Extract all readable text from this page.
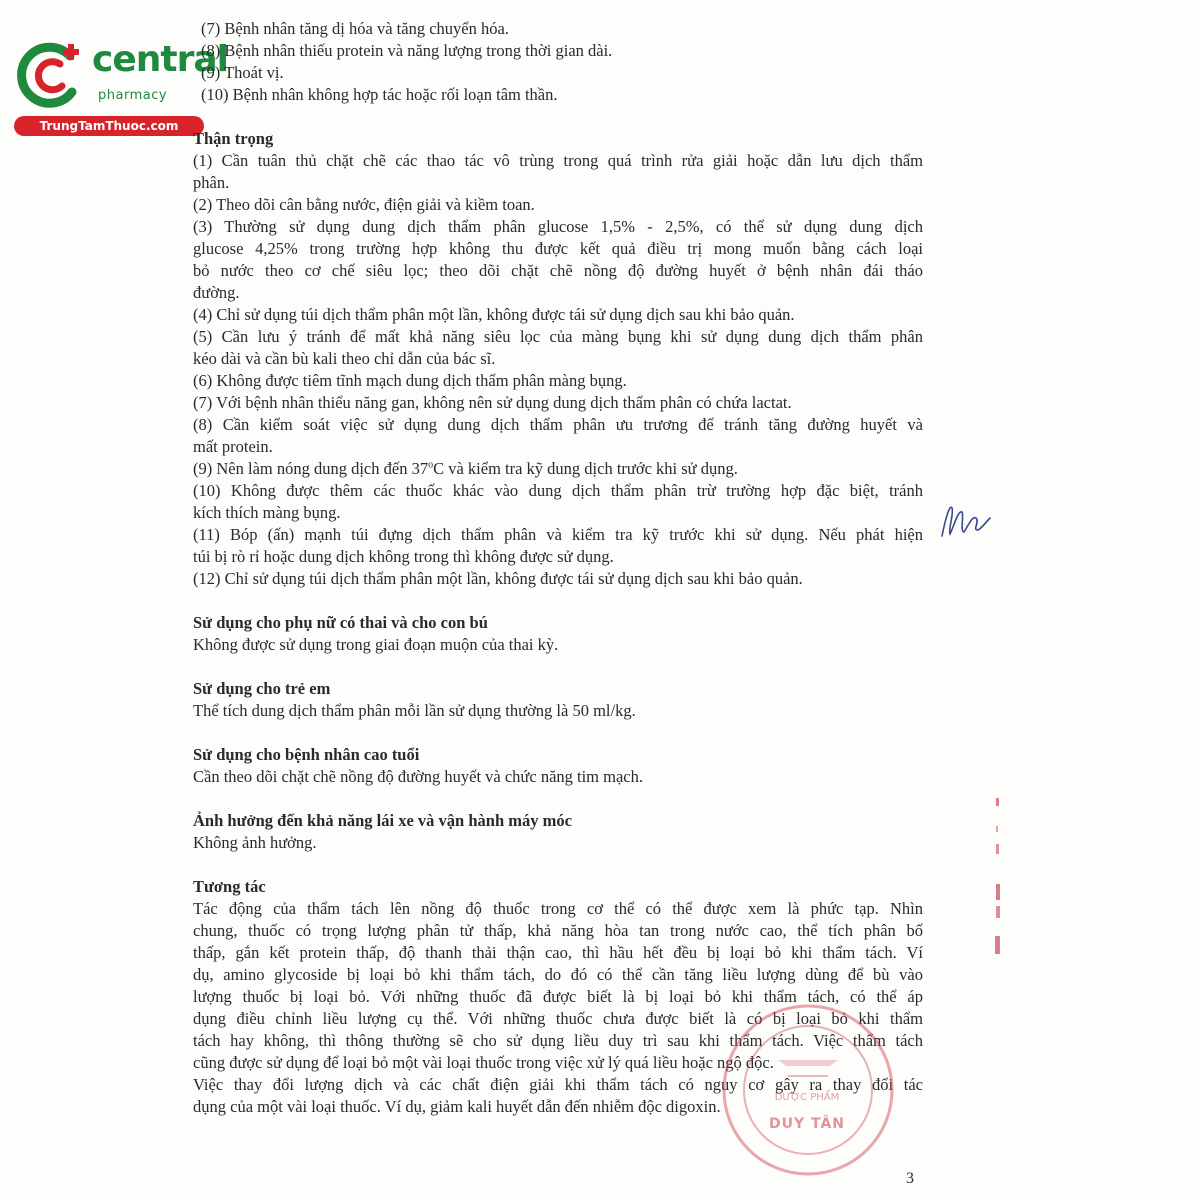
central
pharmacy
TrungTamThuoc.com
(7) Bệnh nhân tăng dị hóa và tăng chuyển hóa.
(8) Bệnh nhân thiếu protein và năng lượng trong thời gian dài.
(9) Thoát vị.
(10) Bệnh nhân không hợp tác hoặc rối loạn tâm thần.
Thận trọng
(1) Cần tuân thủ chặt chẽ các thao tác vô trùng trong quá trình rửa giải hoặc dẫn lưu dịch thẩm
phân.
(2) Theo dõi cân bằng nước, điện giải và kiềm toan.
(3) Thường sử dụng dung dịch thẩm phân glucose 1,5% - 2,5%, có thể sử dụng dung dịch
glucose 4,25% trong trường hợp không thu được kết quả điều trị mong muốn bằng cách loại
bỏ nước theo cơ chế siêu lọc; theo dõi chặt chẽ nồng độ đường huyết ở bệnh nhân đái tháo
đường.
(4) Chỉ sử dụng túi dịch thẩm phân một lần, không được tái sử dụng dịch sau khi bảo quản.
(5) Cần lưu ý tránh để mất khả năng siêu lọc của màng bụng khi sử dụng dung dịch thẩm phân
kéo dài và cần bù kali theo chỉ dẫn của bác sĩ.
(6) Không được tiêm tĩnh mạch dung dịch thẩm phân màng bụng.
(7) Với bệnh nhân thiểu năng gan, không nên sử dụng dung dịch thẩm phân có chứa lactat.
(8) Cần kiểm soát việc sử dụng dung dịch thẩm phân ưu trương để tránh tăng đường huyết và
mất protein.
(9) Nên làm nóng dung dịch đến 37$^o$C và kiểm tra kỹ dung dịch trước khi sử dụng.
(10) Không được thêm các thuốc khác vào dung dịch thẩm phân trừ trường hợp đặc biệt, tránh
kích thích màng bụng.
(11) Bóp (ấn) mạnh túi đựng dịch thẩm phân và kiểm tra kỹ trước khi sử dụng. Nếu phát hiện
túi bị rò rỉ hoặc dung dịch không trong thì không được sử dụng.
(12) Chỉ sử dụng túi dịch thẩm phân một lần, không được tái sử dụng dịch sau khi bảo quản.
Sử dụng cho phụ nữ có thai và cho con bú
Không được sử dụng trong giai đoạn muộn của thai kỳ.
Sử dụng cho trẻ em
Thể tích dung dịch thẩm phân mỗi lần sử dụng thường là 50 ml/kg.
Sử dụng cho bệnh nhân cao tuổi
Cần theo dõi chặt chẽ nồng độ đường huyết và chức năng tim mạch.
Ảnh hưởng đến khả năng lái xe và vận hành máy móc
Không ảnh hưởng.
Tương tác
Tác động của thẩm tách lên nồng độ thuốc trong cơ thể có thể được xem là phức tạp. Nhìn
chung, thuốc có trọng lượng phân tử thấp, khả năng hòa tan trong nước cao, thể tích phân bố
thấp, gắn kết protein thấp, độ thanh thải thận cao, thì hầu hết đều bị loại bỏ khi thẩm tách. Ví
dụ, amino glycoside bị loại bỏ khi thẩm tách, do đó có thể cần tăng liều lượng dùng để bù vào
lượng thuốc bị loại bỏ. Với những thuốc đã được biết là bị loại bỏ khi thẩm tách, có thể áp
dụng điều chỉnh liều lượng cụ thể. Với những thuốc chưa được biết là có bị loại bỏ khi thẩm
tách hay không, thì thông thường sẽ cho sử dụng liều duy trì sau khi thẩm tách. Việc thẩm tách
cũng được sử dụng để loại bỏ một vài loại thuốc trong việc xử lý quá liều hoặc ngộ độc.
Việc thay đổi lượng dịch và các chất điện giải khi thẩm tách có nguy cơ gây ra thay đổi tác
dụng của một vài loại thuốc. Ví dụ, giảm kali huyết dẫn đến nhiễm độc digoxin.	DƯỢC PHẨM
DUY TÂN
3
